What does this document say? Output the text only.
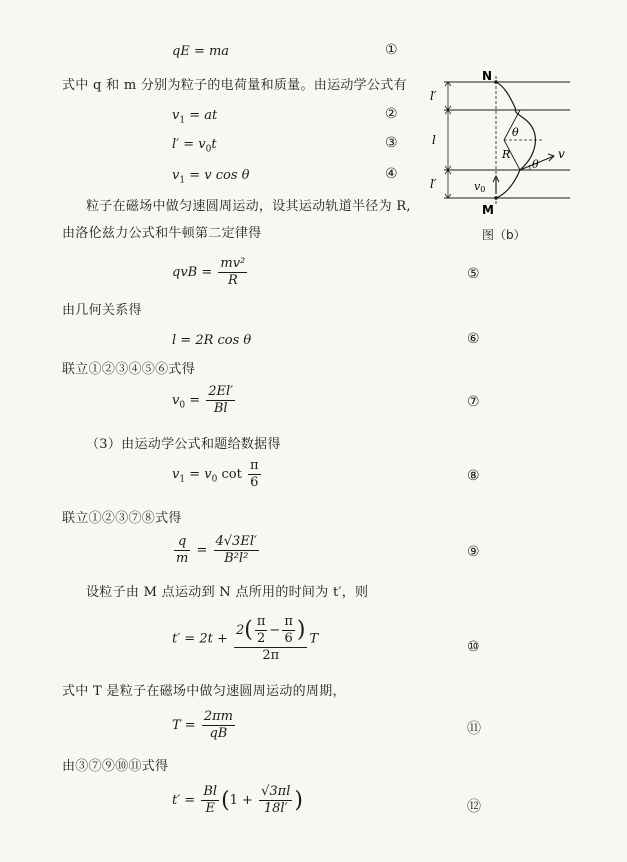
qE = ma	①
式中 q 和 m 分别为粒子的电荷量和质量。由运动学公式有
$v_1$ = at	②
$l' = v_0t$	③
$v_1 = v$ cos θ	④
粒子在磁场中做匀速圆周运动，设其运动轨道半径为 R,
由洛伦兹力公式和牛顿第二定律得
qvB = $\frac{\text{mv²}}{R}$	⑤
由几何关系得
l = 2R cos θ	⑥
联立①②③④⑤⑥式得
$v_0 = \frac{2El'}{Bl}$	⑦
（3）由运动学公式和题给数据得
$v_1 = v_0$ $\cot \frac{\pi}{6}$	⑧
联立①②③⑦⑧式得
$\frac{q}{m} = \frac{4√3El'}{\text{B²l²}}$	⑨
设粒子由 M 点运动到 N 点所用的时间为 t′，则
$t' = 2t + \frac{2( \frac{\pi}{2} - \frac{\pi}{6} )}{2\pi}$ T	⑩
式中 T 是粒子在磁场中做匀速圆周运动的周期，
$T = \frac{2\pi m}{qB}$	⑪
由③⑦⑨⑩⑪式得
$t' = \frac{Bl}{E} (1 + \frac{√3\pi l}{18l'}$ )	⑫
N
M
l′
l
l′
R
θ
θ
v
v0
图（b）
